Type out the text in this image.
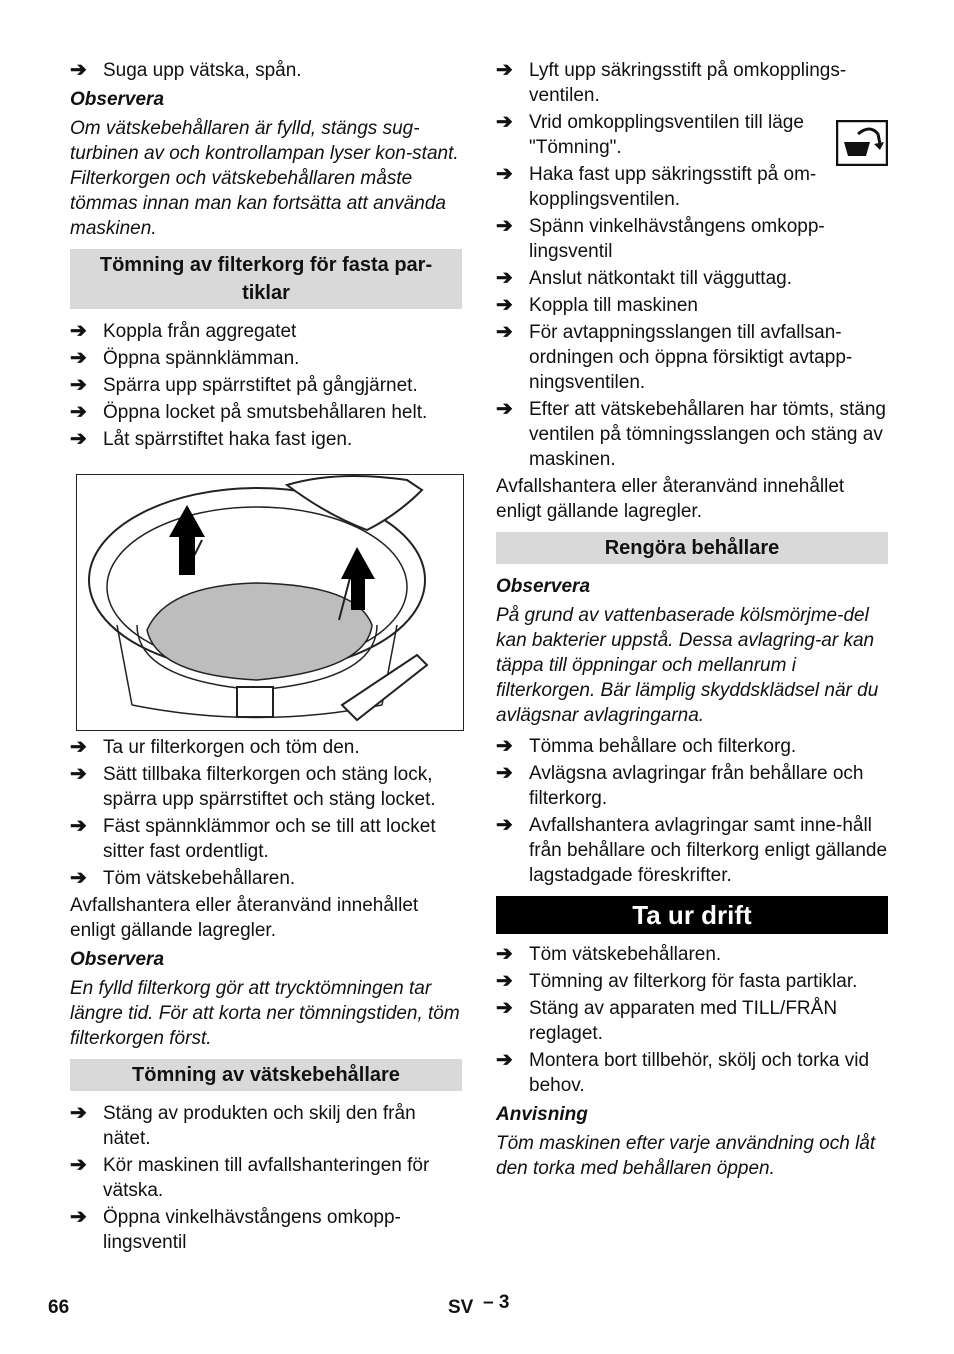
➔ Suga upp vätska, spån.
Observera
Om vätskebehållaren är fylld, stängs sug-turbinen av och kontrollampan lyser kon-stant. Filterkorgen och vätskebehållaren måste tömmas innan man kan fortsätta att använda maskinen.
Tömning av filterkorg för fasta par-tiklar
➔ Koppla från aggregatet
➔ Öppna spännklämman.
➔ Spärra upp spärrstiftet på gångjärnet.
➔ Öppna locket på smutsbehållaren helt.
➔ Låt spärrstiftet haka fast igen.
➔ Ta ur filterkorgen och töm den.
➔ Sätt tillbaka filterkorgen och stäng lock, spärra upp spärrstiftet och stäng locket.
➔ Fäst spännklämmor och se till att locket sitter fast ordentligt.
➔ Töm vätskebehållaren.
Avfallshantera eller återanvänd innehållet enligt gällande lagregler.
Observera
En fylld filterkorg gör att trycktömningen tar längre tid. För att korta ner tömningstiden, töm filterkorgen först.
Tömning av vätskebehållare
➔ Stäng av produkten och skilj den från nätet.
➔ Kör maskinen till avfallshanteringen för vätska.
➔ Öppna vinkelhävstångens omkopp-lingsventil
➔ Lyft upp säkringsstift på omkopplings-ventilen.
➔ Vrid omkopplingsventilen till läge "Tömning".
➔ Haka fast upp säkringsstift på om-kopplingsventilen.
➔ Spänn vinkelhävstångens omkopp-lingsventil
➔ Anslut nätkontakt till vägguttag.
➔ Koppla till maskinen
➔ För avtappningsslangen till avfallsan-ordningen och öppna försiktigt avtapp-ningsventilen.
➔ Efter att vätskebehållaren har tömts, stäng ventilen på tömningsslangen och stäng av maskinen.
Avfallshantera eller återanvänd innehållet enligt gällande lagregler.
Rengöra behållare
Observera
På grund av vattenbaserade kölsmörjme-del kan bakterier uppstå. Dessa avlagring-ar kan täppa till öppningar och mellanrum i filterkorgen. Bär lämplig skyddsklädsel när du avlägsnar avlagringarna.
➔ Tömma behållare och filterkorg.
➔ Avlägsna avlagringar från behållare och filterkorg.
➔ Avfallshantera avlagringar samt inne-håll från behållare och filterkorg enligt gällande lagstadgade föreskrifter.
Ta ur drift
➔ Töm vätskebehållaren.
➔ Tömning av filterkorg för fasta partiklar.
➔ Stäng av apparaten med TILL/FRÅN reglaget.
➔ Montera bort tillbehör, skölj och torka vid behov.
Anvisning
Töm maskinen efter varje användning och låt den torka med behållaren öppen.
66	SV – 3
